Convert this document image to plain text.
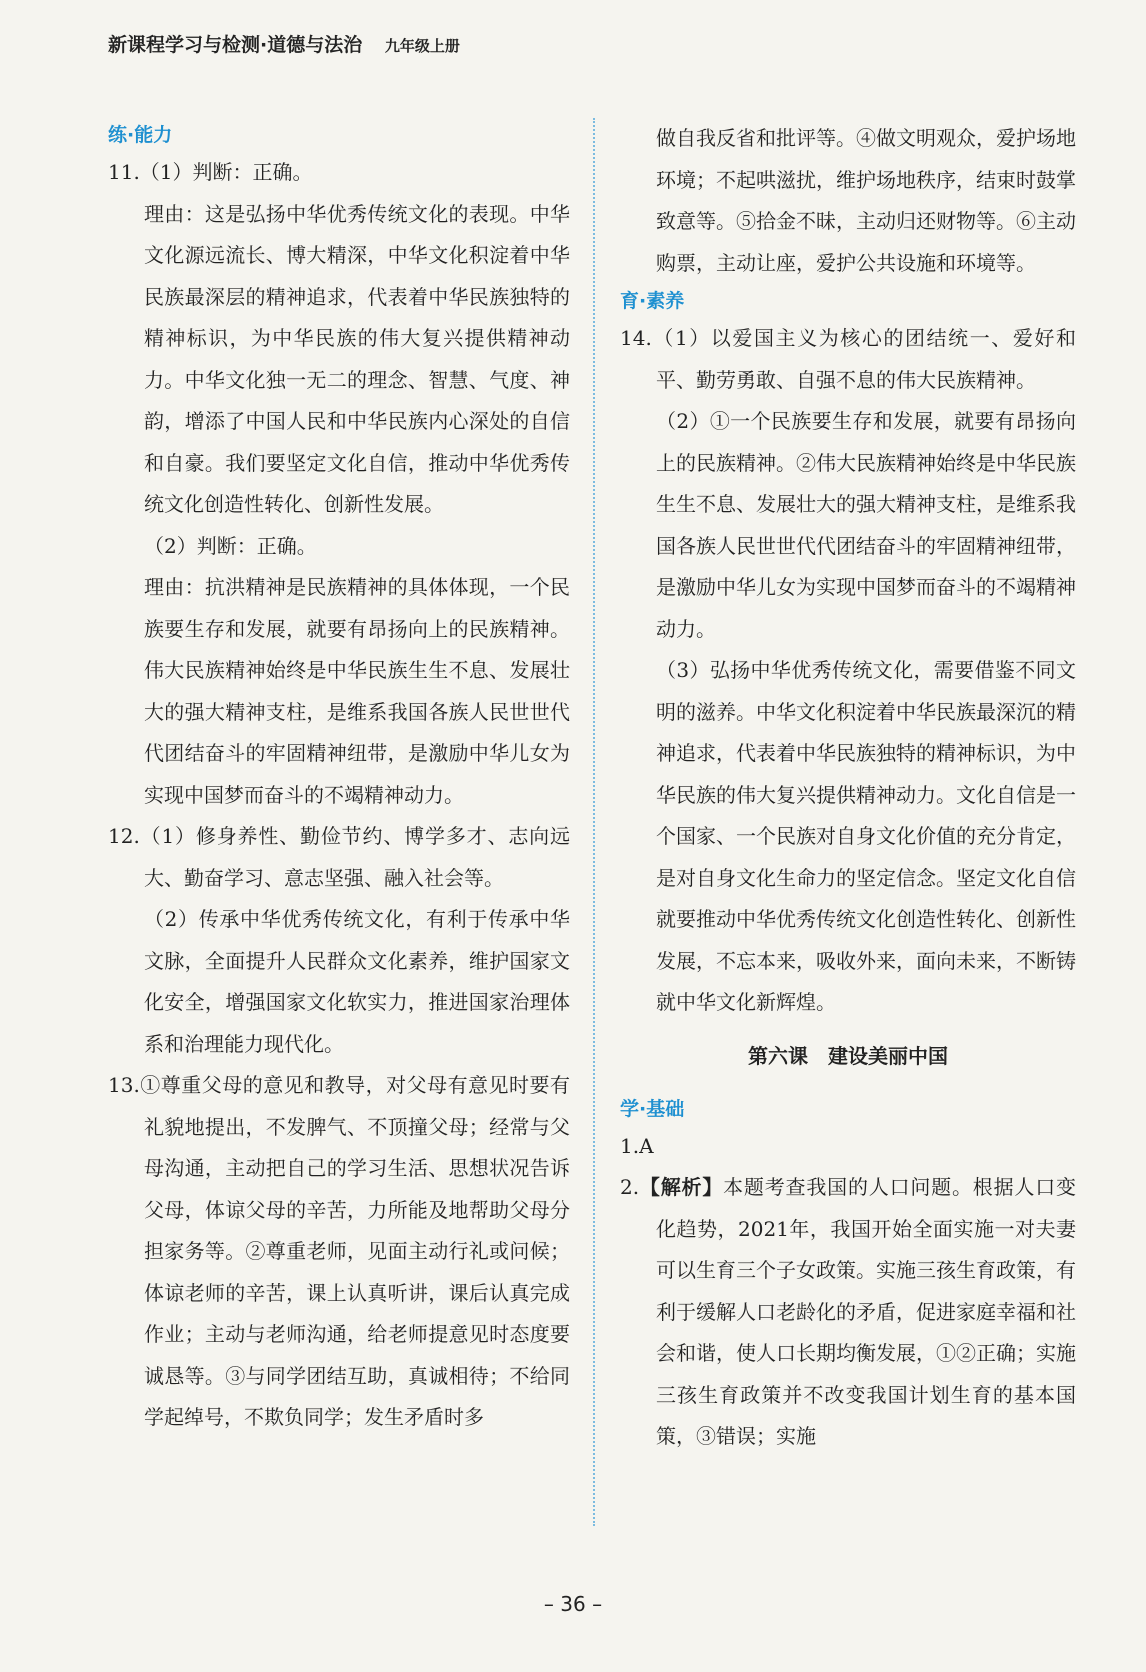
新课程学习与检测·道德与法治 九年级上册
练·能力
11.（1）判断：正确。
理由：这是弘扬中华优秀传统文化的表现。中华文化源远流长、博大精深，中华文化积淀着中华民族最深层的精神追求，代表着中华民族独特的精神标识，为中华民族的伟大复兴提供精神动力。中华文化独一无二的理念、智慧、气度、神韵，增添了中国人民和中华民族内心深处的自信和自豪。我们要坚定文化自信，推动中华优秀传统文化创造性转化、创新性发展。
（2）判断：正确。
理由：抗洪精神是民族精神的具体体现，一个民族要生存和发展，就要有昂扬向上的民族精神。伟大民族精神始终是中华民族生生不息、发展壮大的强大精神支柱，是维系我国各族人民世世代代团结奋斗的牢固精神纽带，是激励中华儿女为实现中国梦而奋斗的不竭精神动力。
12.（1）修身养性、勤俭节约、博学多才、志向远大、勤奋学习、意志坚强、融入社会等。
（2）传承中华优秀传统文化，有利于传承中华文脉，全面提升人民群众文化素养，维护国家文化安全，增强国家文化软实力，推进国家治理体系和治理能力现代化。
13.①尊重父母的意见和教导，对父母有意见时要有礼貌地提出，不发脾气、不顶撞父母；经常与父母沟通，主动把自己的学习生活、思想状况告诉父母，体谅父母的辛苦，力所能及地帮助父母分担家务等。②尊重老师，见面主动行礼或问候；体谅老师的辛苦，课上认真听讲，课后认真完成作业；主动与老师沟通，给老师提意见时态度要诚恳等。③与同学团结互助，真诚相待；不给同学起绰号，不欺负同学；发生矛盾时多
做自我反省和批评等。④做文明观众，爱护场地环境；不起哄滋扰，维护场地秩序，结束时鼓掌致意等。⑤拾金不昧，主动归还财物等。⑥主动购票，主动让座，爱护公共设施和环境等。
育·素养
14.（1）以爱国主义为核心的团结统一、爱好和平、勤劳勇敢、自强不息的伟大民族精神。
（2）①一个民族要生存和发展，就要有昂扬向上的民族精神。②伟大民族精神始终是中华民族生生不息、发展壮大的强大精神支柱，是维系我国各族人民世世代代团结奋斗的牢固精神纽带，是激励中华儿女为实现中国梦而奋斗的不竭精神动力。
（3）弘扬中华优秀传统文化，需要借鉴不同文明的滋养。中华文化积淀着中华民族最深沉的精神追求，代表着中华民族独特的精神标识，为中华民族的伟大复兴提供精神动力。文化自信是一个国家、一个民族对自身文化价值的充分肯定，是对自身文化生命力的坚定信念。坚定文化自信就要推动中华优秀传统文化创造性转化、创新性发展，不忘本来，吸收外来，面向未来，不断铸就中华文化新辉煌。
第六课　建设美丽中国
学·基础
1.A
2.【解析】本题考查我国的人口问题。根据人口变化趋势，2021年，我国开始全面实施一对夫妻可以生育三个子女政策。实施三孩生育政策，有利于缓解人口老龄化的矛盾，促进家庭幸福和社会和谐，使人口长期均衡发展，①②正确；实施三孩生育政策并不改变我国计划生育的基本国策，③错误；实施
– 36 –
